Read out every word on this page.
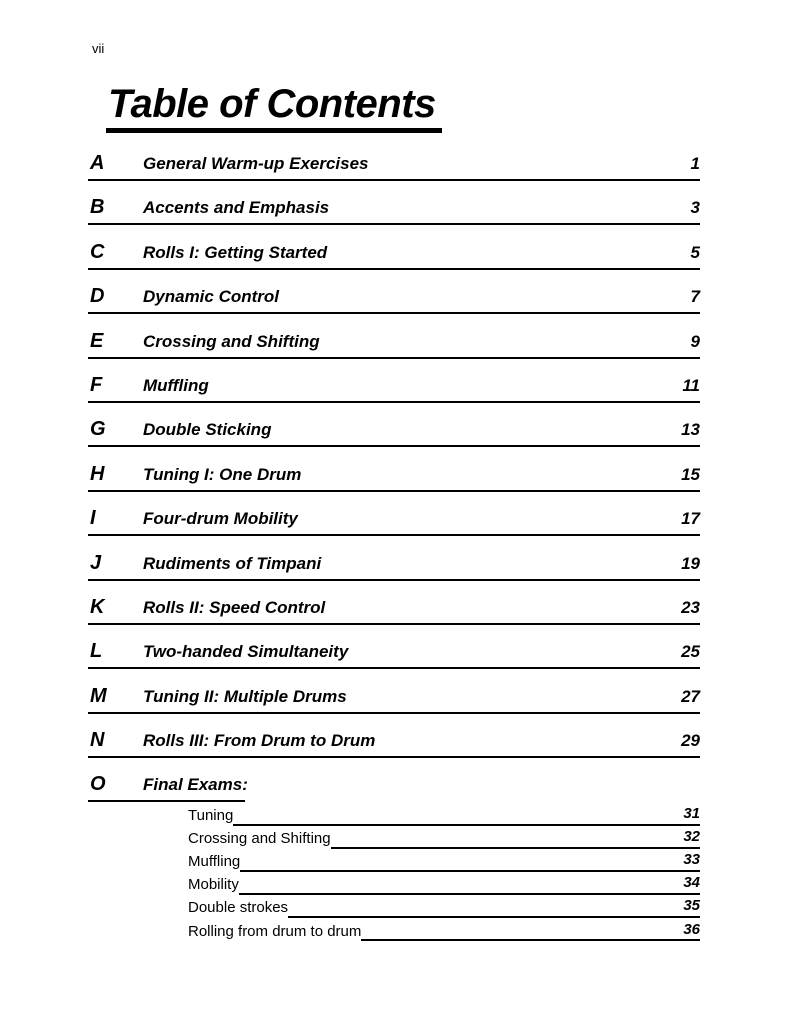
vii
Table of Contents
A	General Warm-up Exercises	1
B	Accents and Emphasis	3
C	Rolls I: Getting Started	5
D	Dynamic Control	7
E	Crossing and Shifting	9
F	Muffling	11
G	Double Sticking	13
H	Tuning I: One Drum	15
I	Four-drum Mobility	17
J	Rudiments of Timpani	19
K	Rolls II: Speed Control	23
L	Two-handed Simultaneity	25
M	Tuning II: Multiple Drums	27
N	Rolls III: From Drum to Drum	29
O	Final Exams:
Tuning	31
Crossing and Shifting	32
Muffling	33
Mobility	34
Double strokes	35
Rolling from drum to drum	36
